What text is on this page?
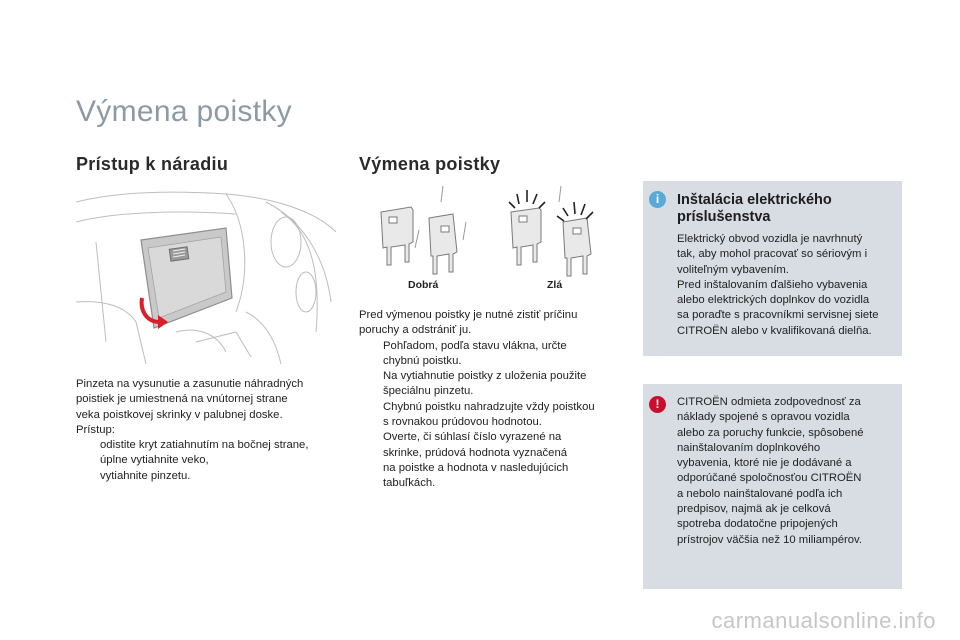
Výmena poistky
Prístup k náradiu

Pinzeta na vysunutie a zasunutie náhradných

poistiek je umiestnená na vnútornej strane

veka poistkovej skrinky v palubnej doske.

Prístup:

odistite kryt zatiahnutím na bočnej strane,
úplne vytiahnite veko,
vytiahnite pinzetu.
Výmena poistky
Dobrá	Zlá

Pred výmenou poistky je nutné zistiť príčinu

poruchy a odstrániť ju.

Pohľadom, podľa stavu vlákna, určte
chybnú poistku.
Na vytiahnutie poistky z uloženia použite
špeciálnu pinzetu.
Chybnú poistku nahradzujte vždy poistkou
s rovnakou prúdovou hodnotou.
Overte, či súhlasí číslo vyrazené na
skrinke, prúdová hodnota vyznačená
na poistke a hodnota v nasledujúcich
tabuľkách.
i	Inštalácia elektrického
príslušenstva
Elektrický obvod vozidla je navrhnutý
tak, aby mohol pracovať so sériovým i
voliteľným vybavením.
Pred inštalovaním ďalšieho vybavenia
alebo elektrických doplnkov do vozidla
sa poraďte s pracovníkmi servisnej siete
CITROËN alebo v kvalifikovaná dielňa.
!	CITROËN odmieta zodpovednosť za
náklady spojené s opravou vozidla
alebo za poruchy funkcie, spôsobené
nainštalovaním doplnkového
vybavenia, ktoré nie je dodávané a
odporúčané spoločnosťou CITROËN
a nebolo nainštalované podľa ich
predpisov, najmä ak je celková
spotreba dodatočne pripojených
prístrojov väčšia než 10 miliampérov.
carmanualsonline.info
